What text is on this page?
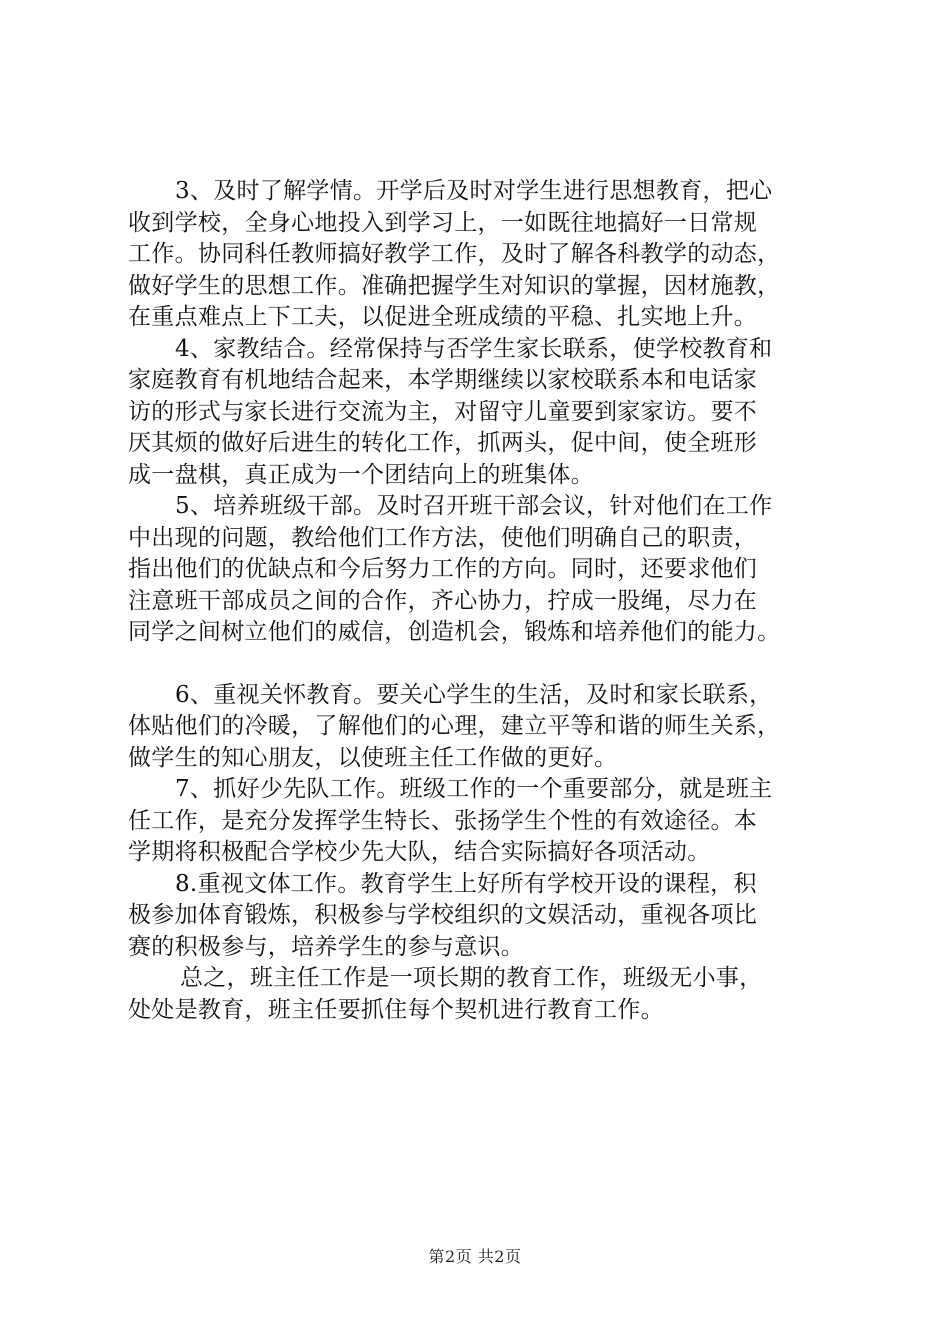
3、及时了解学情。开学后及时对学生进行思想教育，把心
收到学校，全身心地投入到学习上，一如既往地搞好一日常规
工作。协同科任教师搞好教学工作，及时了解各科教学的动态，
做好学生的思想工作。准确把握学生对知识的掌握，因材施教，
在重点难点上下工夫，以促进全班成绩的平稳、扎实地上升。
4、家教结合。经常保持与否学生家长联系，使学校教育和
家庭教育有机地结合起来，本学期继续以家校联系本和电话家
访的形式与家长进行交流为主，对留守儿童要到家家访。要不
厌其烦的做好后进生的转化工作，抓两头，促中间，使全班形
成一盘棋，真正成为一个团结向上的班集体。
5、培养班级干部。及时召开班干部会议，针对他们在工作
中出现的问题，教给他们工作方法，使他们明确自己的职责，
指出他们的优缺点和今后努力工作的方向。同时，还要求他们
注意班干部成员之间的合作，齐心协力，拧成一股绳，尽力在
同学之间树立他们的威信，创造机会，锻炼和培养他们的能力。
6、重视关怀教育。要关心学生的生活，及时和家长联系，
体贴他们的冷暖，了解他们的心理，建立平等和谐的师生关系，
做学生的知心朋友，以使班主任工作做的更好。
7、抓好少先队工作。班级工作的一个重要部分，就是班主
任工作，是充分发挥学生特长、张扬学生个性的有效途径。本
学期将积极配合学校少先大队，结合实际搞好各项活动。
8.重视文体工作。教育学生上好所有学校开设的课程，积
极参加体育锻炼，积极参与学校组织的文娱活动，重视各项比
赛的积极参与，培养学生的参与意识。
总之，班主任工作是一项长期的教育工作，班级无小事，
处处是教育，班主任要抓住每个契机进行教育工作。
第2页 共2页
